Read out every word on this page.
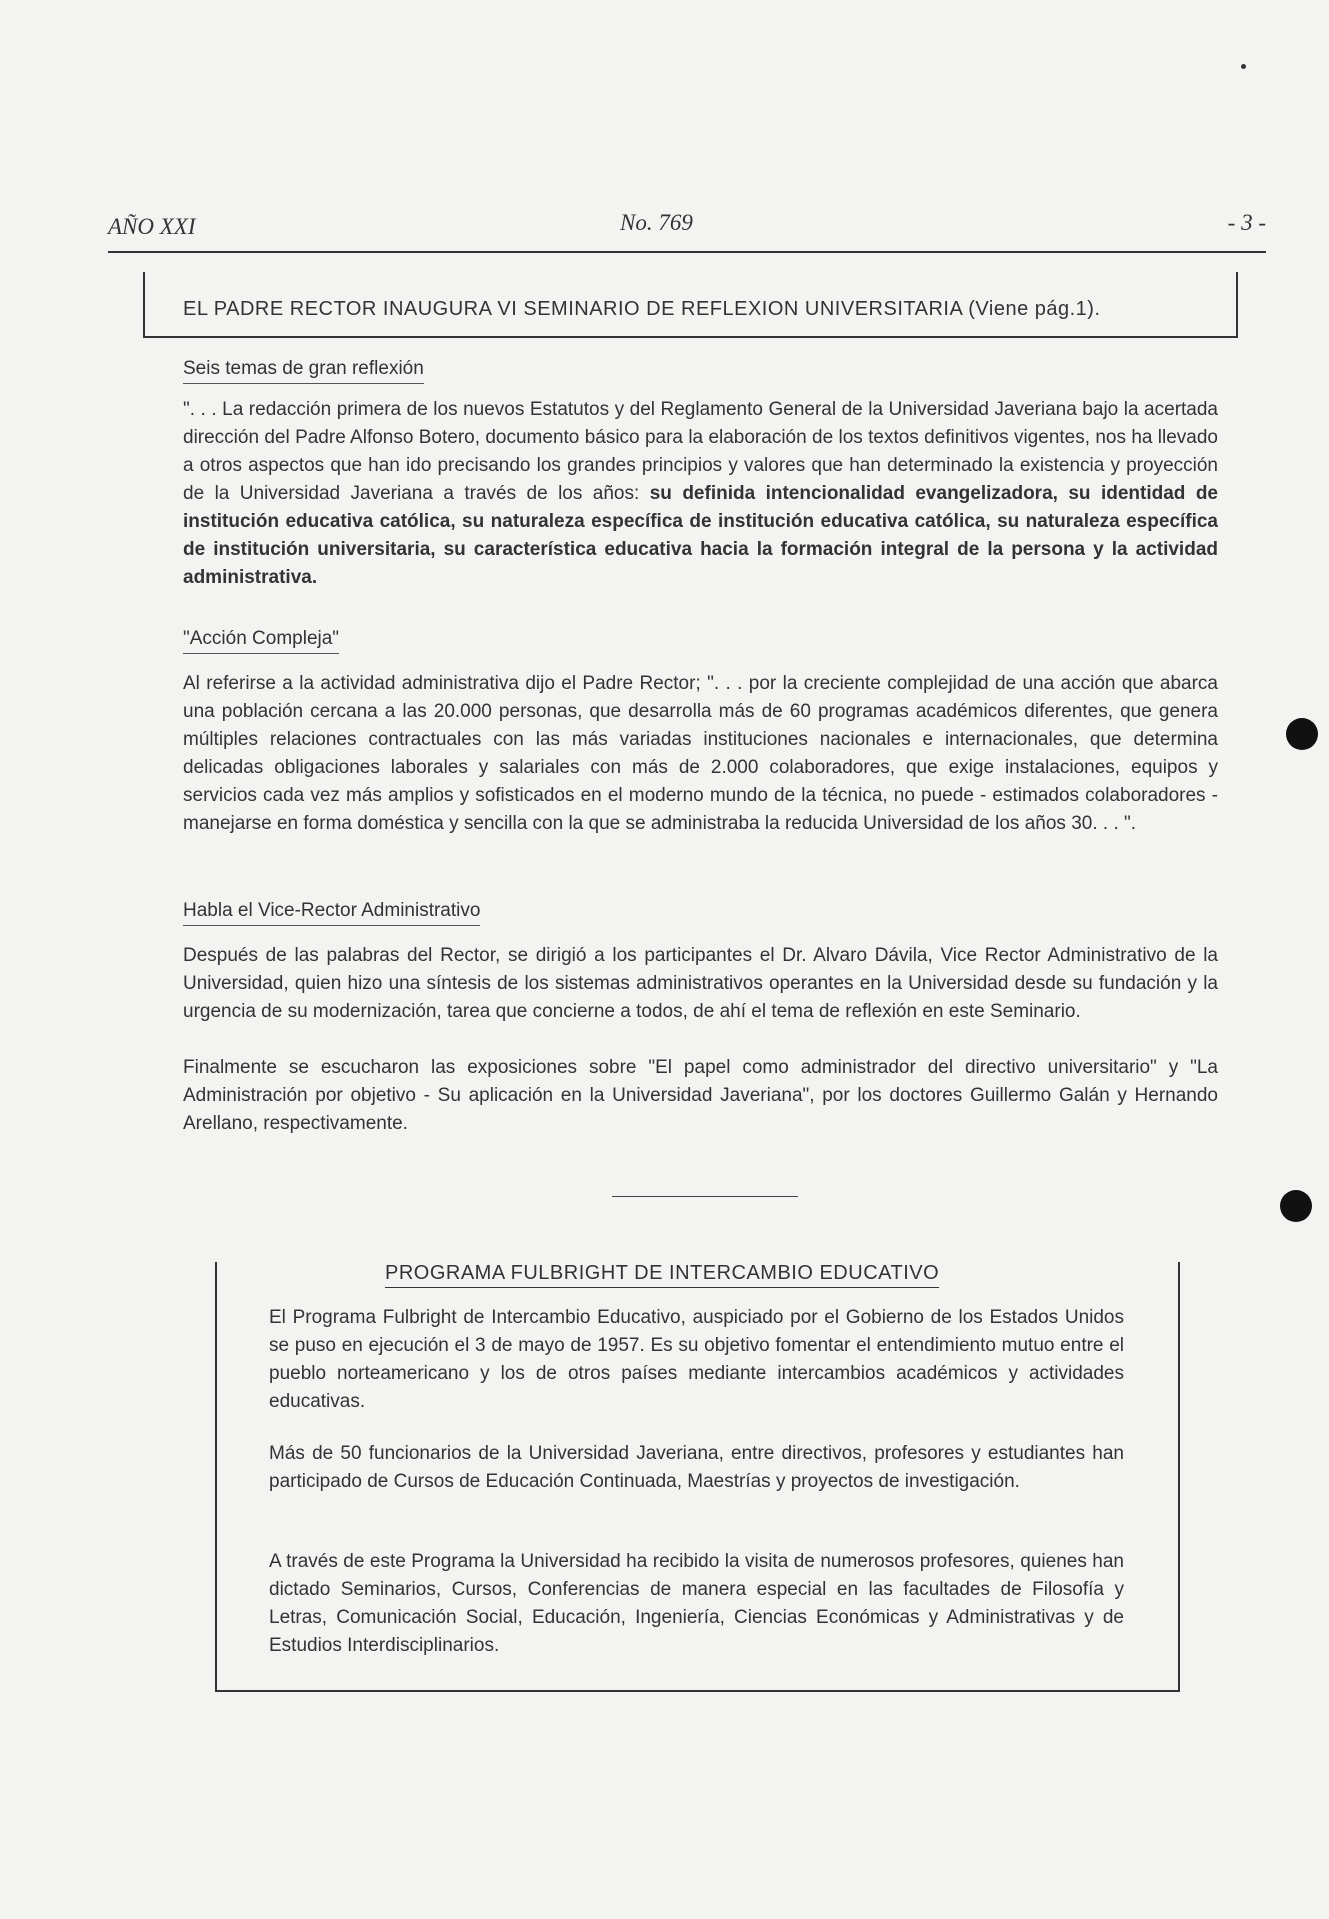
AÑO XXI	No. 769	- 3 -
EL PADRE RECTOR INAUGURA VI SEMINARIO DE REFLEXION UNIVERSITARIA (Viene pág.1).
Seis temas de gran reflexión

". . . La redacción primera de los nuevos Estatutos y del Reglamento General de la Universidad Javeriana bajo la acertada dirección del Padre Alfonso Botero, documento básico para la elaboración de los textos definitivos vigentes, nos ha llevado a otros aspectos que han ido precisando los grandes principios y valores que han determinado la existencia y proyección de la Universidad Javeriana a través de los años: su definida intencionalidad evangelizadora, su identidad de institución educativa católica, su naturaleza específica de institución educativa católica, su naturaleza específica de institución universitaria, su característica educativa hacia la formación integral de la persona y la actividad administrativa.

"Acción Compleja"

Al referirse a la actividad administrativa dijo el Padre Rector; ". . . por la creciente complejidad de una acción que abarca una población cercana a las 20.000 personas, que desarrolla más de 60 programas académicos diferentes, que genera múltiples relaciones contractuales con las más variadas instituciones nacionales e internacionales, que determina delicadas obligaciones laborales y salariales con más de 2.000 colaboradores, que exige instalaciones, equipos y servicios cada vez más amplios y sofisticados en el moderno mundo de la técnica, no puede - estimados colaboradores - manejarse en forma doméstica y sencilla con la que se administraba la reducida Universidad de los años 30. . . ".

Habla el Vice-Rector Administrativo

Después de las palabras del Rector, se dirigió a los participantes el Dr. Alvaro Dávila, Vice Rector Administrativo de la Universidad, quien hizo una síntesis de los sistemas administrativos operantes en la Universidad desde su fundación y la urgencia de su modernización, tarea que concierne a todos, de ahí el tema de reflexión en este Seminario.

Finalmente se escucharon las exposiciones sobre "El papel como administrador del directivo universitario" y "La Administración por objetivo - Su aplicación en la Universidad Javeriana", por los doctores Guillermo Galán y Hernando Arellano, respectivamente.

PROGRAMA FULBRIGHT DE INTERCAMBIO EDUCATIVO

El Programa Fulbright de Intercambio Educativo, auspiciado por el Gobierno de los Estados Unidos se puso en ejecución el 3 de mayo de 1957. Es su objetivo fomentar el entendimiento mutuo entre el pueblo norteamericano y los de otros países mediante intercambios académicos y actividades educativas.

Más de 50 funcionarios de la Universidad Javeriana, entre directivos, profesores y estudiantes han participado de Cursos de Educación Continuada, Maestrías y proyectos de investigación.

A través de este Programa la Universidad ha recibido la visita de numerosos profesores, quienes han dictado Seminarios, Cursos, Conferencias de manera especial en las facultades de Filosofía y Letras, Comunicación Social, Educación, Ingeniería, Ciencias Económicas y Administrativas y de Estudios Interdisciplinarios.
